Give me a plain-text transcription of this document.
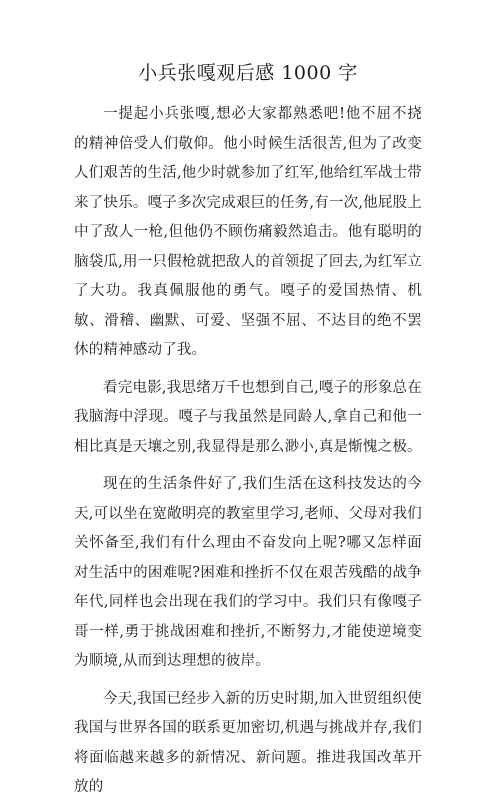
小兵张嘎观后感 1000 字

一提起小兵张嘎,想必大家都熟悉吧!他不屈不挠的精神倍受人们敬仰。他小时候生活很苦,但为了改变人们艰苦的生活,他少时就参加了红军,他给红军战士带来了快乐。嘎子多次完成艰巨的任务,有一次,他屁股上中了敌人一枪,但他仍不顾伤痛毅然追击。他有聪明的脑袋瓜,用一只假枪就把敌人的首领捉了回去,为红军立了大功。我真佩服他的勇气。嘎子的爱国热情、机敏、滑稽、幽默、可爱、坚强不屈、不达目的绝不罢休的精神感动了我。

看完电影,我思绪万千也想到自己,嘎子的形象总在我脑海中浮现。嘎子与我虽然是同龄人,拿自己和他一相比真是天壤之别,我显得是那么渺小,真是惭愧之极。

现在的生活条件好了,我们生活在这科技发达的今天,可以坐在宽敞明亮的教室里学习,老师、父母对我们关怀备至,我们有什么理由不奋发向上呢?哪又怎样面对生活中的困难呢?困难和挫折不仅在艰苦残酷的战争年代,同样也会出现在我们的学习中。我们只有像嘎子哥一样,勇于挑战困难和挫折,不断努力,才能使逆境变为顺境,从而到达理想的彼岸。

今天,我国已经步入新的历史时期,加入世贸组织使我国与世界各国的联系更加密切,机遇与挑战并存,我们将面临越来越多的新情况、新问题。推进我国改革开放的
